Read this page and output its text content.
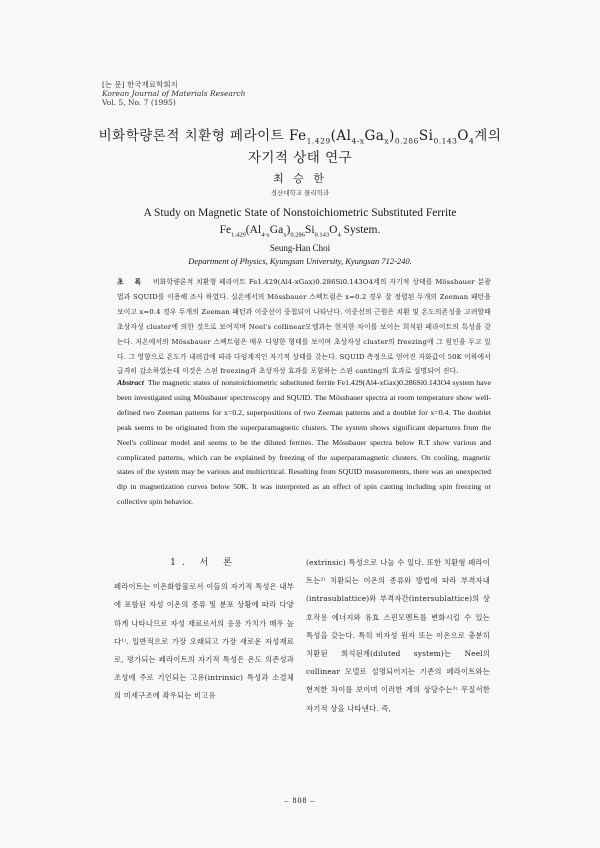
[논 문] 한국재료학회지
Korean Journal of Materials Research
Vol. 5, No. 7 (1995)
비화학량론적 치환형 페라이트 $Fe_{1.429}(Al_{4-x}Ga_x)_{0.286}Si_{0.143}O_4$계의
자기적 상태 연구
최 승 한
경산대학교 물리학과
A Study on Magnetic State of Nonstoichiometric Substituted Ferrite
$Fe_{1.429}(Al_{4-x}Ga_x)_{0.286}Si_{0.143}O_4$ System.
Seung-Han Choi
Department of Physics, Kyungsan University, Kyungsan 712-240.
초 록 비화학량론적 치환형 페라이트 Fe1.429(Al4-xGax)0.286Si0.143O4계의 자기적 상태를 Mössbauer 분광법과 SQUID를 이용해 조사 하였다. 실온에서의 Mössbauer 스펙트럼은 x=0.2 경우 잘 정렬된 두개의 Zeeman 패턴을 보이고 x=0.4 경우 두개의 Zeeman 패턴과 이중선이 중첩되어 나타난다. 이중선의 근원은 치환 및 온도의존성을 고려할때 초상자성 cluster에 의한 것으로 보여지며 Neel's collinear모델과는 현저한 차이를 보이는 희석된 페라이트의 특성을 갖는다. 저온에서의 Mössbauer 스펙트럼은 매우 다양한 형태를 보이며 초상자성 cluster의 freezing에 그 원인을 두고 있다. 그 영향으로 온도가 내려감에 따라 다임계적인 자기적 상태를 갖는다. SQUID 측정으로 얻어진 자화값이 50K 이하에서 급격히 감소하였는데 이것은 스핀 freezing과 초상자성 효과를 포함하는 스핀 canting의 효과로 설명되어 진다.
Abstract The magnetic states of nonstoichiometric substituted ferrite Fe1.429(Al4-xGax)0.286Si0.143O4 system have been investigated using Mössbauer spectroscopy and SQUID. The Mössbauer spectra at room temperature show well-defined two Zeeman patterns for x=0.2, superpositions of two Zeeman patterns and a doublet for x=0.4. The doublet peak seems to be originated from the superparamagnetic clusters. The system shows significant departures from the Neel's collinear model and seems to be the diluted ferrites. The Mössbauer spectra below R.T show various and complicated patterns, which can be explained by freezing of the superparamagnetic clusters. On cooling, magnetic states of the system may be various and multicritical. Resulting from SQUID measurements, there was an unexpected dip in magnetization curves below 50K. It was interpreted as an effect of spin canting including spin freezing or collective spin behavior.
1. 서 론
페라이트는 이온화합물로서 이들의 자기적 특성은 내부에 포함된 자성 이온의 종류 및 분포 상황에 따라 다양하게 나타나므로 자성 재료로서의 응용 가치가 매우 높다¹⁾. 일반적으로 가장 오래되고 가장 새로운 자성재료로, 평가되는 페라이트의 자기적 특성은 온도 의존성과 조성에 주로 기인되는 고유(intrinsic) 특성과 소결체의 미세구조에 좌우되는 비고유
(extrinsic) 특성으로 나눌 수 있다. 또한 치환형 페라이트는²⁾ 치환되는 이온의 종류와 방법에 따라 부격자내(intrasublattice)와 부격자간(intersublattice)의 상호작용 에너지와 유효 스핀모멘트를 변화시킬 수 있는 특성을 갖는다. 특히 비자성 원자 또는 이온으로 충분히 치환된 희석된계(diluted system)는 Neel의 collinear 모델로 설명되어지는 기존의 페라이트와는 현저한 차이를 보이며 이러한 계의 상당수는³⁾ 무질서한 자기적 상을 나타낸다. 즉,
– 808 –
